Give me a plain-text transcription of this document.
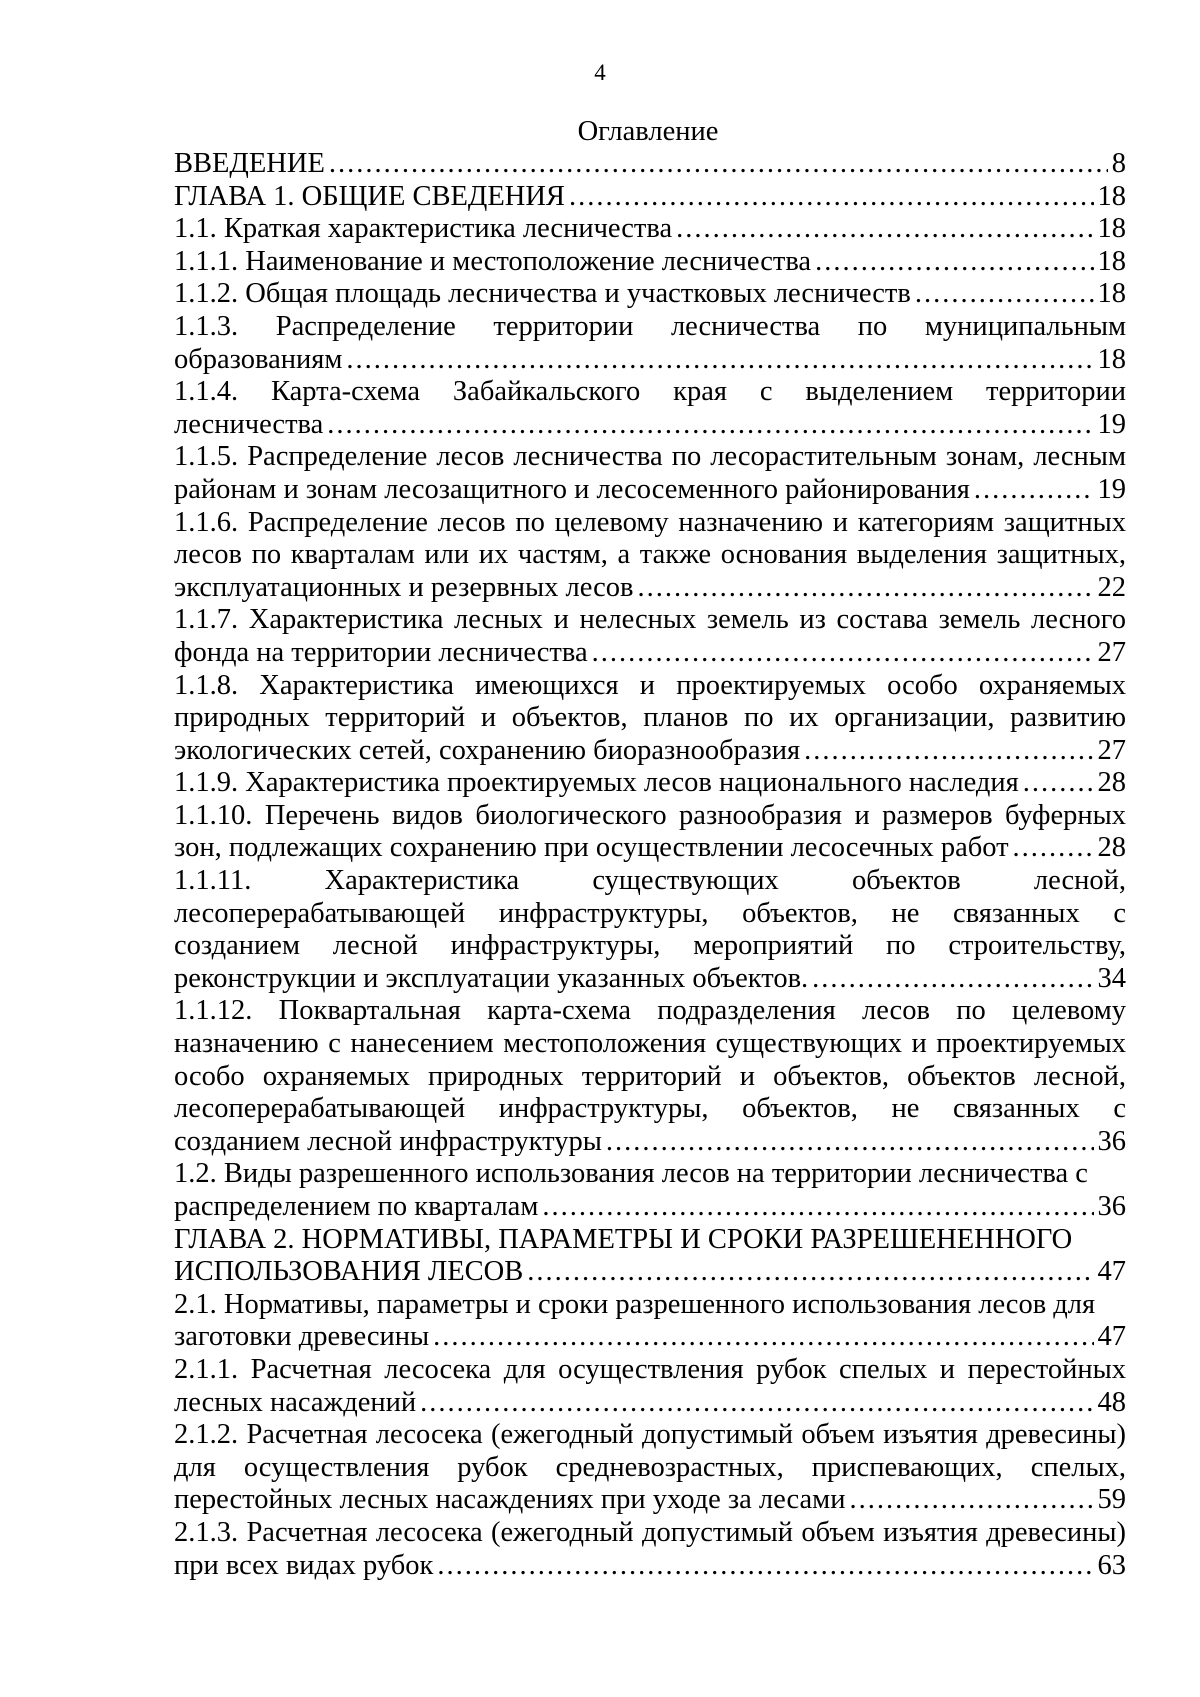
4
Оглавление
ВВЕДЕНИЕ .....	8
ГЛАВА 1. ОБЩИЕ СВЕДЕНИЯ .....	18
1.1. Краткая характеристика лесничества .....	18
1.1.1. Наименование и местоположение лесничества .....	18
1.1.2. Общая площадь лесничества и участковых лесничеств .....	18
1.1.3. Распределение территории лесничества по муниципальным
образованиям .....	18
1.1.4. Карта-схема Забайкальского края с выделением территории
лесничества .....	19
1.1.5. Распределение лесов лесничества по лесорастительным зонам, лесным
районам и зонам лесозащитного и лесосеменного районирования .....	19
1.1.6. Распределение лесов по целевому назначению и категориям защитных
лесов по кварталам или их частям, а также основания выделения защитных,
эксплуатационных и резервных лесов .....	22
1.1.7. Характеристика лесных и нелесных земель из состава земель лесного
фонда на территории лесничества .....	27
1.1.8. Характеристика имеющихся и проектируемых особо охраняемых
природных территорий и объектов, планов по их организации, развитию
экологических сетей, сохранению биоразнообразия .....	27
1.1.9. Характеристика проектируемых лесов национального наследия .....	28
1.1.10. Перечень видов биологического разнообразия и размеров буферных
зон, подлежащих сохранению при осуществлении лесосечных работ .....	28
1.1.11. Характеристика существующих объектов лесной,
лесоперерабатывающей инфраструктуры, объектов, не связанных с
созданием лесной инфраструктуры, мероприятий по строительству,
реконструкции и эксплуатации указанных объектов. .....	34
1.1.12. Поквартальная карта-схема подразделения лесов по целевому
назначению с нанесением местоположения существующих и проектируемых
особо охраняемых природных территорий и объектов, объектов лесной,
лесоперерабатывающей инфраструктуры, объектов, не связанных с
созданием лесной инфраструктуры .....	36
1.2. Виды разрешенного использования лесов на территории лесничества с
распределением по кварталам .....	36
ГЛАВА 2. НОРМАТИВЫ, ПАРАМЕТРЫ И СРОКИ РАЗРЕШЕНЕННОГО
ИСПОЛЬЗОВАНИЯ ЛЕСОВ .....	47
2.1. Нормативы, параметры и сроки разрешенного использования лесов для
заготовки древесины .....	47
2.1.1. Расчетная лесосека для осуществления рубок спелых и перестойных
лесных насаждений .....	48
2.1.2. Расчетная лесосека (ежегодный допустимый объем изъятия древесины)
для осуществления рубок средневозрастных, приспевающих, спелых,
перестойных лесных насаждениях при уходе за лесами .....	59
2.1.3. Расчетная лесосека (ежегодный допустимый объем изъятия древесины)
при всех видах рубок .....	63
